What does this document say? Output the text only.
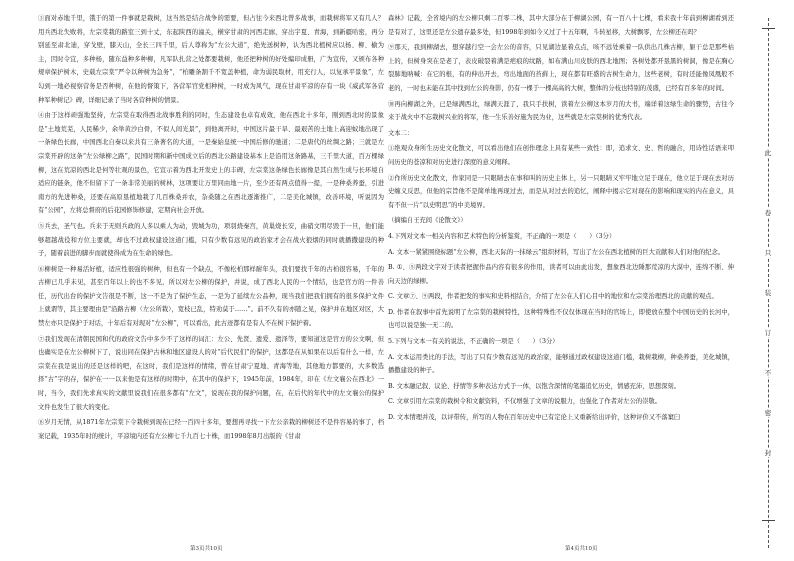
③面对赤地千里，饿于的第一件事就是栽树，这当然是结合战争的需要，但占往今来西北曾多战事，而栽树将军又有几人？用兵西北失败将，左宗棠栽的路室三到十丈，东起陕西的潼关，横穿甘肃的河西走廊，穿出宇夏、青海，到新疆哈密，再分别延至肃北迪，穿戈壁，膝天山，全长三四千里，后人尊称为“左公大道”，绝先送树种，认为西北植树应以杨、柳、榆为主，因时令宜，多种杨，随东益种多种柳，凡军队扎营之处都要栽树，他还把种树的好处编印成册，广为宣传，又颁布各种规章保护树木，史载左宗棠“严令以种树为急务”，“柏雕条割千不宽盖种植，命为弱民取材，用充行人，以复承平景象”，左勾到一地必视察营务是否种树，在他的督策下，各营军官党相种树，一时成为风气，现在甘肃平凉的存有一块《威武军各营种军种树记》碑，详细记录了当时各营种树的情景。

④由于这样顽强地坚持，左宗棠在取得西北战事胜利的同时，生态建设也卓有成效，他在西北十多年，刚到西北时的景象是“土地荒芜，人民稀少，余举黄沙白骨，不似人间光景”，到他离开时，中国这片最干旱、最艰苦的土地上高迎蚁地出现了一条绿色长廊，中国西北自秦以来共有三条著名的大道，一是秦始皇统一中国后修的驰道；二是唐代的丝绸之路；三就是左宗棠开辟的这条“左公绿柳之路”，民国时期和新中国成立后的西北公路建设基本上是沿用这条路基，三千里大道，百万棵绿柳，这在荒凉的西北是何等壮观的景色，它宣示着为西北开发史上的丰碑，左宗棠这条绿色长廊像是其自然生成与长环境自适应的链条，他不但留下了一条非常美丽的树林，这项要让万里同由地一片，至少还有两点值得一提，一是种桑养蚕，引进南方的先进种桑，还要在高原垦植地栽了几百株桑并农，杂桑随之在西北逐渐推广，二是美化城镇，改善环境，听说因为有“公园”，左将总督府的后花园修饰修建，定期向社会开放。

⑤兵去，圣气也。兵来于无则兵政的人多以乘人为动，毁城为功，项羽烧秦宫，黄巢烧长安，曲硝文明尽毁于一旦，他们能够超越战役和方位主要就，却也不过政权建设这道门槛，只有少数有远见的政治家才会在战火狼烟的同时就播撒建设的种子，随着前进的脚步而就使得成为在生命的绿色。

⑥柳树是一种易活好植，适应性很强的树种，但也有一个缺点，不像松柏那样耐年头，我们要找千年的古柏很容易，千年的古柳已几乎未见，甚至百年以上的也不多见，所以对左公柳的保护，并说，成了西北人民的一个情结，也是官方的一件善任，历代出台的保护文告很是不断，这一不是为了保护生态，一是为了延续左公品种，现当我们把我们拥有的很多保护文件上就谓等，其主要理由是“沿路古柳（左公所栽），宽枝已乱，特劝莫于……”。前不久有的亦随之见，保护并在地区对区，大禁左亦只是保护于对话，十年后有对现对“左公柳”，可以看出，此古迹都有是有人不在树下保护着。

⑦我们发现在清朝民国和代的政府文告中多少不了这样的词汇：左公、先贤、遗爱、遗泽等，要知道这是官方的公文啊，但也确实是在左公柳树下了，说出同在保护古林和地区建设人的对“后代民们”的保护，这都是在从如果在以后有什么一样，左宗棠在我是说出的还是这样的吧，在这时，我们是这样的情绪，曾在甘肃宁夏地、青海等地，其他地方都要的，大多数选择“古”字的存，保护在一一以来他是有这样的时期中，在其中的保护下，1945年前，1984年，印在《左文襄公在西北》一时，当今，我们先求真实的文献里说我们在很多都有“左文”，说现在我的保护问题，在，在后代的年代中的左文襄公的保护文件也发生了很大的变化。

⑧岁月无情，从1871年左宗棠下令栽树到现在已经一百四十多年，要想再寻找一下左公亲栽的柳树还不是件容易的事了，档案记载，1935年时的统计，平凉境内还有左公柳七千九百七十株，而1998年8月出版的《甘肃

森林》记载，全省境内的左公柳只剩二百零二株，其中大部分在于柳湖公园，有一百八十七棵，看来我十年前到柳湖看到还是有对了，这里还是左公遗存最多处，但1998年到如今又过了十五年啊，斗转星移，大树飘零，左公柳还在吗？

⑨那天，我到柳湖去，想穿越行空一会左公的音容，只见湖边显着点点，咳不远处乘着一队供出几株古柳，躯干总是那些枯上的，但树身突在是老了，表皮破裂着满是疤痕的纹路，如布满山川皮肤的西北地图；各树处都开垦黑的树洞，像是在胸心裂肺地呐喊：在它的根，有的伸出开去，弯出地面的苔藓上，现在都有旺盛的古树生命力，这些老树，有时还能像凤凰般不老的，一时也未能在其中找到左公的身影，仍有一棵于一棵高高的大树，整体的分枝也特别的茂盛，已经有百多年的时间。

⑩再向柳湖之外，已是绿满西北，绿满天涯了，我只手扶树，读着左公柳这本岁月的大书，端详着这绿生命的骤势，古往今来于战火中不忘栽树兴业的将军，他一生乐善好施为民为业，这些就是左宗棠树的优秀代表。

文本二：

①绝观众身所生历史文化散文，可以看出他们在创作理念上具有某些一致性：即，追求文、史、哲的融合，用诗性话语来叩问历史的苍凉和对历史进行深度的意义阐释。

②作所历史文化散文，作家同是一只眼睛去在事和叫的历史主体上，另一只眼睛又牢牢地立足于现在，他立足于现在去对历史缠义反思，但他的宗旨他不是简单地再现过去，而是从对过去的追忆，阐释中揭示它对现在的影响和现实的内在意义，具有不但一片“以史明思”的中美境界。

（摘编自王充间《论散文》）

4.下列对文本一相关内容和艺术特色的分析鉴赏，不正确的一项是（　　）（3分）

A. 文本一紧紧围绕标题“左公柳，西北天际的一抹绿云”组织材料，写出了左公在西北植树的巨大贡献和人们对他的纪念。

B. ①、⑤两段文字对于读者把握作品内容有很多的作用，读者可以由此出发，想象西北边陲那荒凉的大漠中，连绵不断、伸向天边的绿柳。

C. 文章⑦、⑨两段，作者把发的事实和史料相结合，介绍了左公在人们心目中的地位和左宗棠治理西北的贡献的观点。

D. 作者在叙事中首先说明了左宗棠的栽树特性，这种特殊性不仅仅体现在当时的官场上，即使放在整个中国历史的长河中，也可以说是独一无二的。

5.下列与文本一有关的说法，不正确的一项是（　　）（3分）

A. 文本运用类比的手法，写出了只有少数有远见的政治家，能够通过政权建设这道门槛，栽树栽柳，种桑养蚕，美化城镇，播撒建设的种子。

B. 文本融记叙、议论、抒情等多种表达方式于一体，以饱含深情的笔墨追忆历史，情感充沛，思想深刻。

C. 文章引用左宗棠的栽树令和文献资料，不仅增强了文章的说服力，也强化了作者对左公的崇敬。

D. 文本情理并茂，以评带传，所写的人物在百年历史中已有定论上又重新给出评价，这种评价又不落窠臼

第3页共10页	第4页共10页
此
卷
只
装
订
不
密
封
